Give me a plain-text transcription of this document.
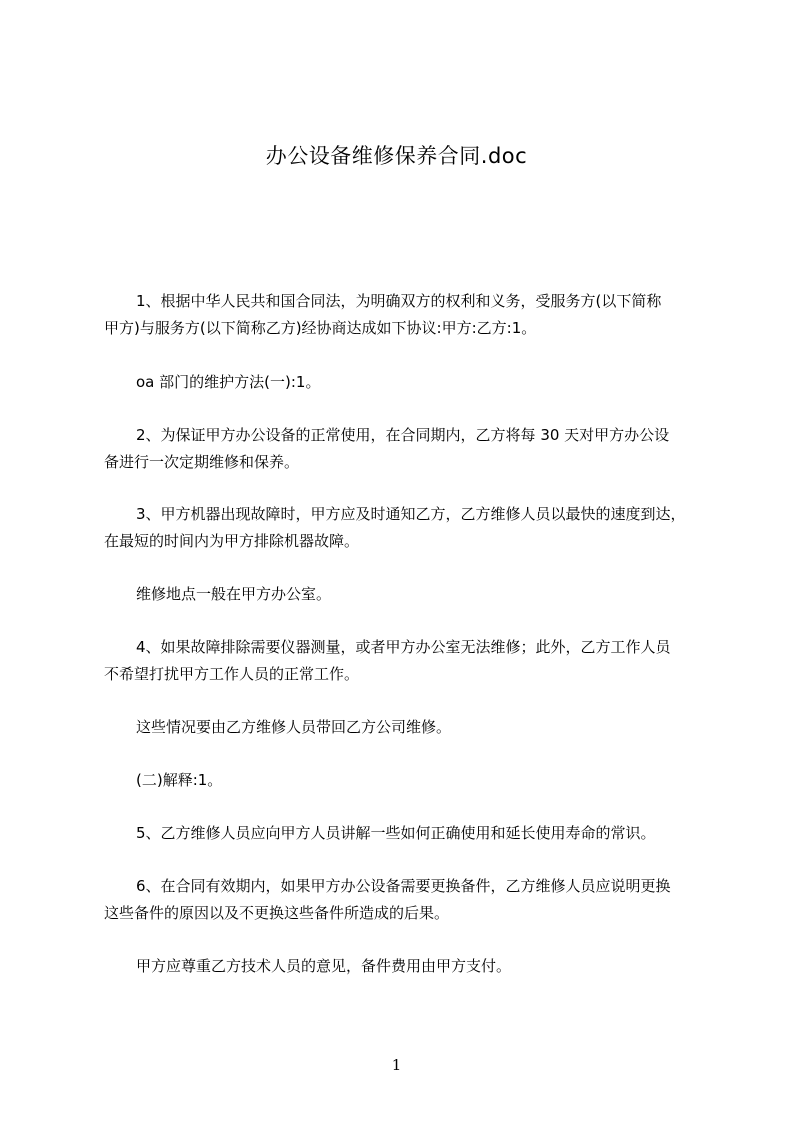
办公设备维修保养合同.doc
1、根据中华人民共和国合同法，为明确双方的权利和义务，受服务方(以下简称
甲方)与服务方(以下简称乙方)经协商达成如下协议:甲方:乙方:1。
oa 部门的维护方法(一):1。
2、为保证甲方办公设备的正常使用，在合同期内，乙方将每 30 天对甲方办公设
备进行一次定期维修和保养。
3、甲方机器出现故障时，甲方应及时通知乙方，乙方维修人员以最快的速度到达，
在最短的时间内为甲方排除机器故障。
维修地点一般在甲方办公室。
4、如果故障排除需要仪器测量，或者甲方办公室无法维修；此外，乙方工作人员
不希望打扰甲方工作人员的正常工作。
这些情况要由乙方维修人员带回乙方公司维修。
(二)解释:1。
5、乙方维修人员应向甲方人员讲解一些如何正确使用和延长使用寿命的常识。
6、在合同有效期内，如果甲方办公设备需要更换备件，乙方维修人员应说明更换
这些备件的原因以及不更换这些备件所造成的后果。
甲方应尊重乙方技术人员的意见，备件费用由甲方支付。
1
